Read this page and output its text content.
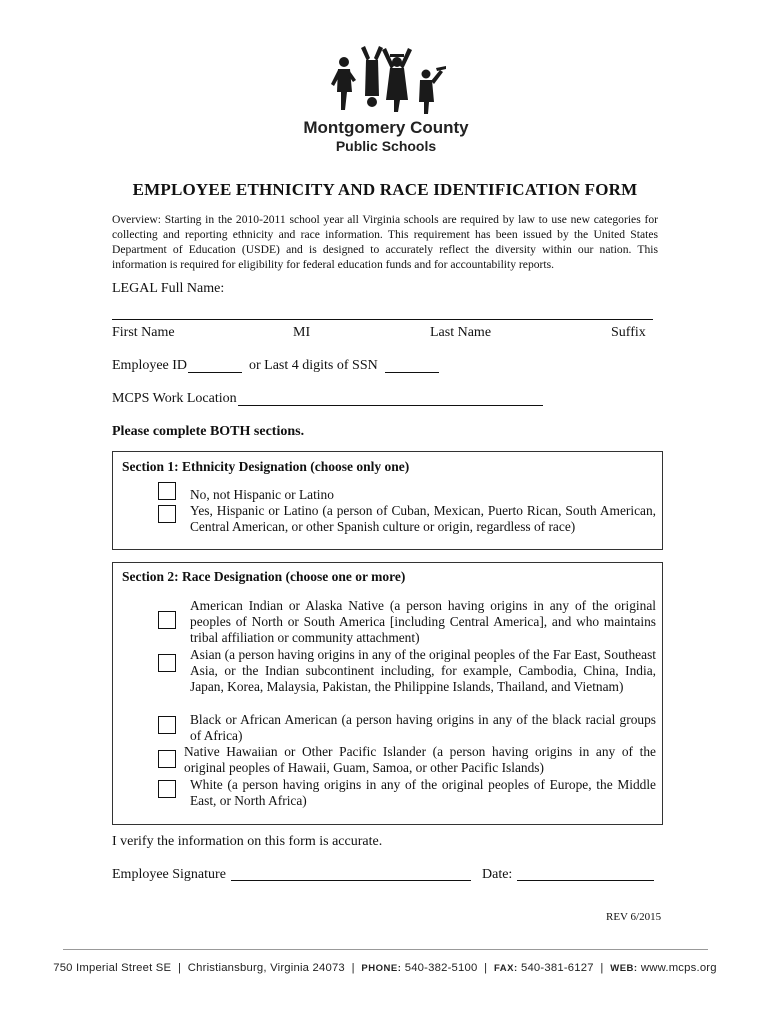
Montgomery County
Public Schools
EMPLOYEE ETHNICITY AND RACE IDENTIFICATION FORM
Overview: Starting in the 2010-2011 school year all Virginia schools are required by law to use new categories for collecting and reporting ethnicity and race information. This requirement has been issued by the United States Department of Education (USDE) and is designed to accurately reflect the diversity within our nation. This information is required for eligibility for federal education funds and for accountability reports.
LEGAL Full Name:
First Name	MI	Last Name	Suffix
Employee ID	or Last 4 digits of SSN
MCPS Work Location
Please complete BOTH sections.
Section 1: Ethnicity Designation (choose only one)
No, not Hispanic or Latino
Yes, Hispanic or Latino (a person of Cuban, Mexican, Puerto Rican, South American, Central American, or other Spanish culture or origin, regardless of race)
Section 2: Race Designation (choose one or more)
American Indian or Alaska Native (a person having origins in any of the original peoples of North or South America [including Central America], and who maintains tribal affiliation or community attachment)
Asian (a person having origins in any of the original peoples of the Far East, Southeast Asia, or the Indian subcontinent including, for example, Cambodia, China, India, Japan, Korea, Malaysia, Pakistan, the Philippine Islands, Thailand, and Vietnam)
Black or African American (a person having origins in any of the black racial groups of Africa)
Native Hawaiian or Other Pacific Islander (a person having origins in any of the original peoples of Hawaii, Guam, Samoa, or other Pacific Islands)
White (a person having origins in any of the original peoples of Europe, the Middle East, or North Africa)
I verify the information on this form is accurate.
Employee Signature	Date:
REV 6/2015
750 Imperial Street SE  |  Christiansburg, Virginia 24073  |  PHONE: 540-382-5100  |  FAX: 540-381-6127  |  WEB: www.mcps.org
